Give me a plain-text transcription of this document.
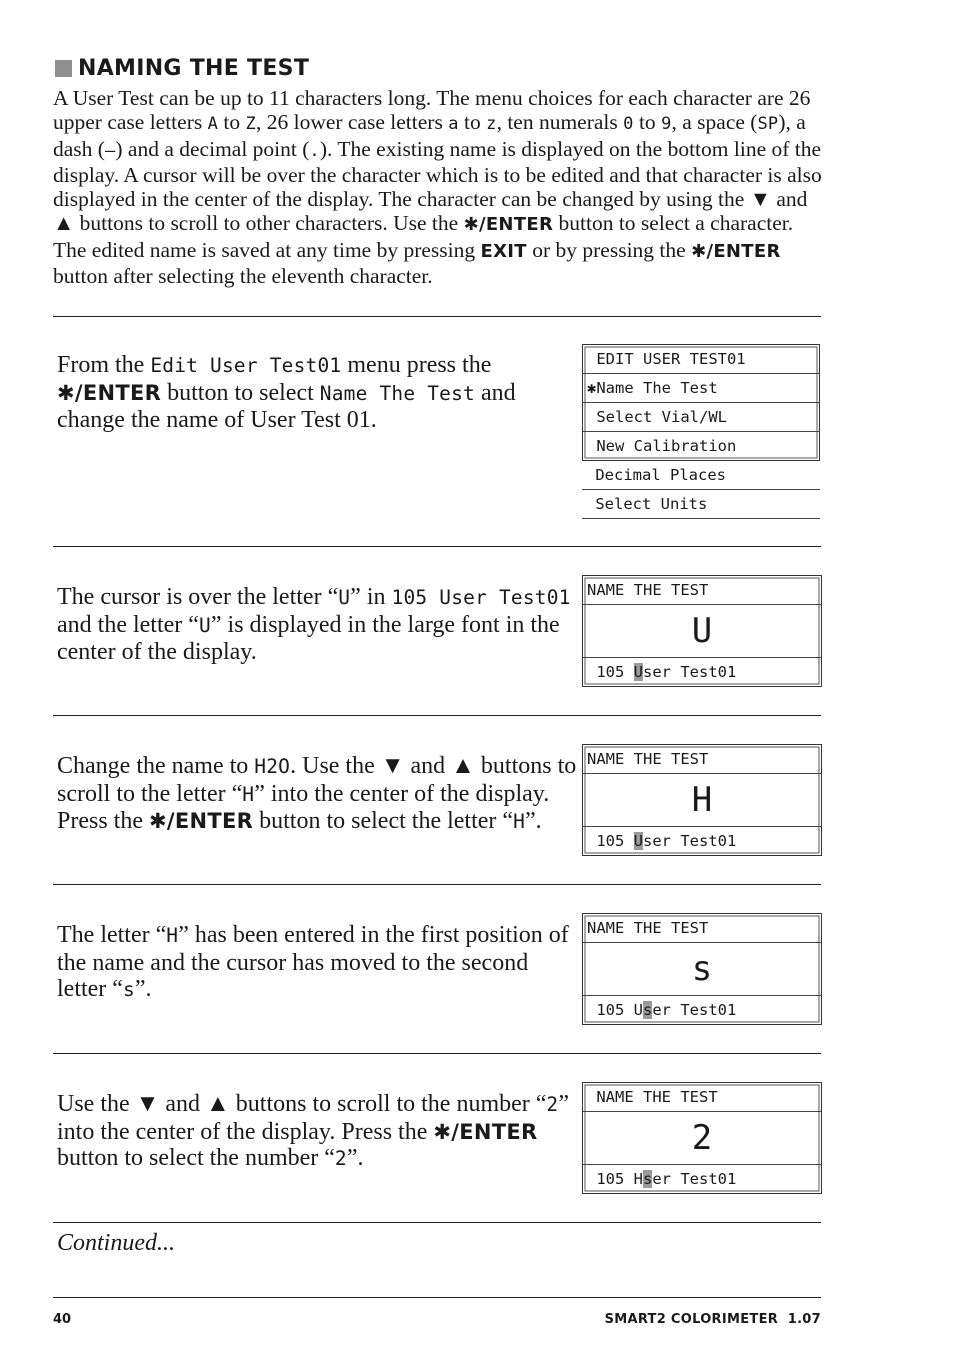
NAMING THE TEST
A User Test can be up to 11 characters long. The menu choices for each character are 26 upper case letters A to Z, 26 lower case letters a to z, ten numerals 0 to 9, a space (SP), a dash (–) and a decimal point (.). The existing name is displayed on the bottom line of the display. A cursor will be over the character which is to be edited and that character is also displayed in the center of the display. The character can be changed by using the ▼ and ▲ buttons to scroll to other characters. Use the ✱/ENTER button to select a character. The edited name is saved at any time by pressing EXIT or by pressing the ✱/ENTER button after selecting the eleventh character.
From the Edit User Test01 menu press the ✱/ENTER button to select Name The Test and change the name of User Test 01.
EDIT USER TEST01
✱Name The Test
Select Vial/WL
New Calibration
Decimal Places
Select Units
The cursor is over the letter “U” in 105 User Test01 and the letter “U” is displayed in the large font in the center of the display.
NAME THE TEST
U
105 User Test01
Change the name to H2O. Use the ▼ and ▲ buttons to scroll to the letter “H” into the center of the display. Press the ✱/ENTER button to select the letter “H”.
NAME THE TEST
H
105 User Test01
The letter “H” has been entered in the first position of the name and the cursor has moved to the second letter “s”.
NAME THE TEST
s
105 User Test01
Use the ▼ and ▲ buttons to scroll to the number “2” into the center of the display. Press the ✱/ENTER button to select the number “2”.
NAME THE TEST
2
105 Hser Test01
Continued...
40	SMART2 COLORIMETER  1.07
